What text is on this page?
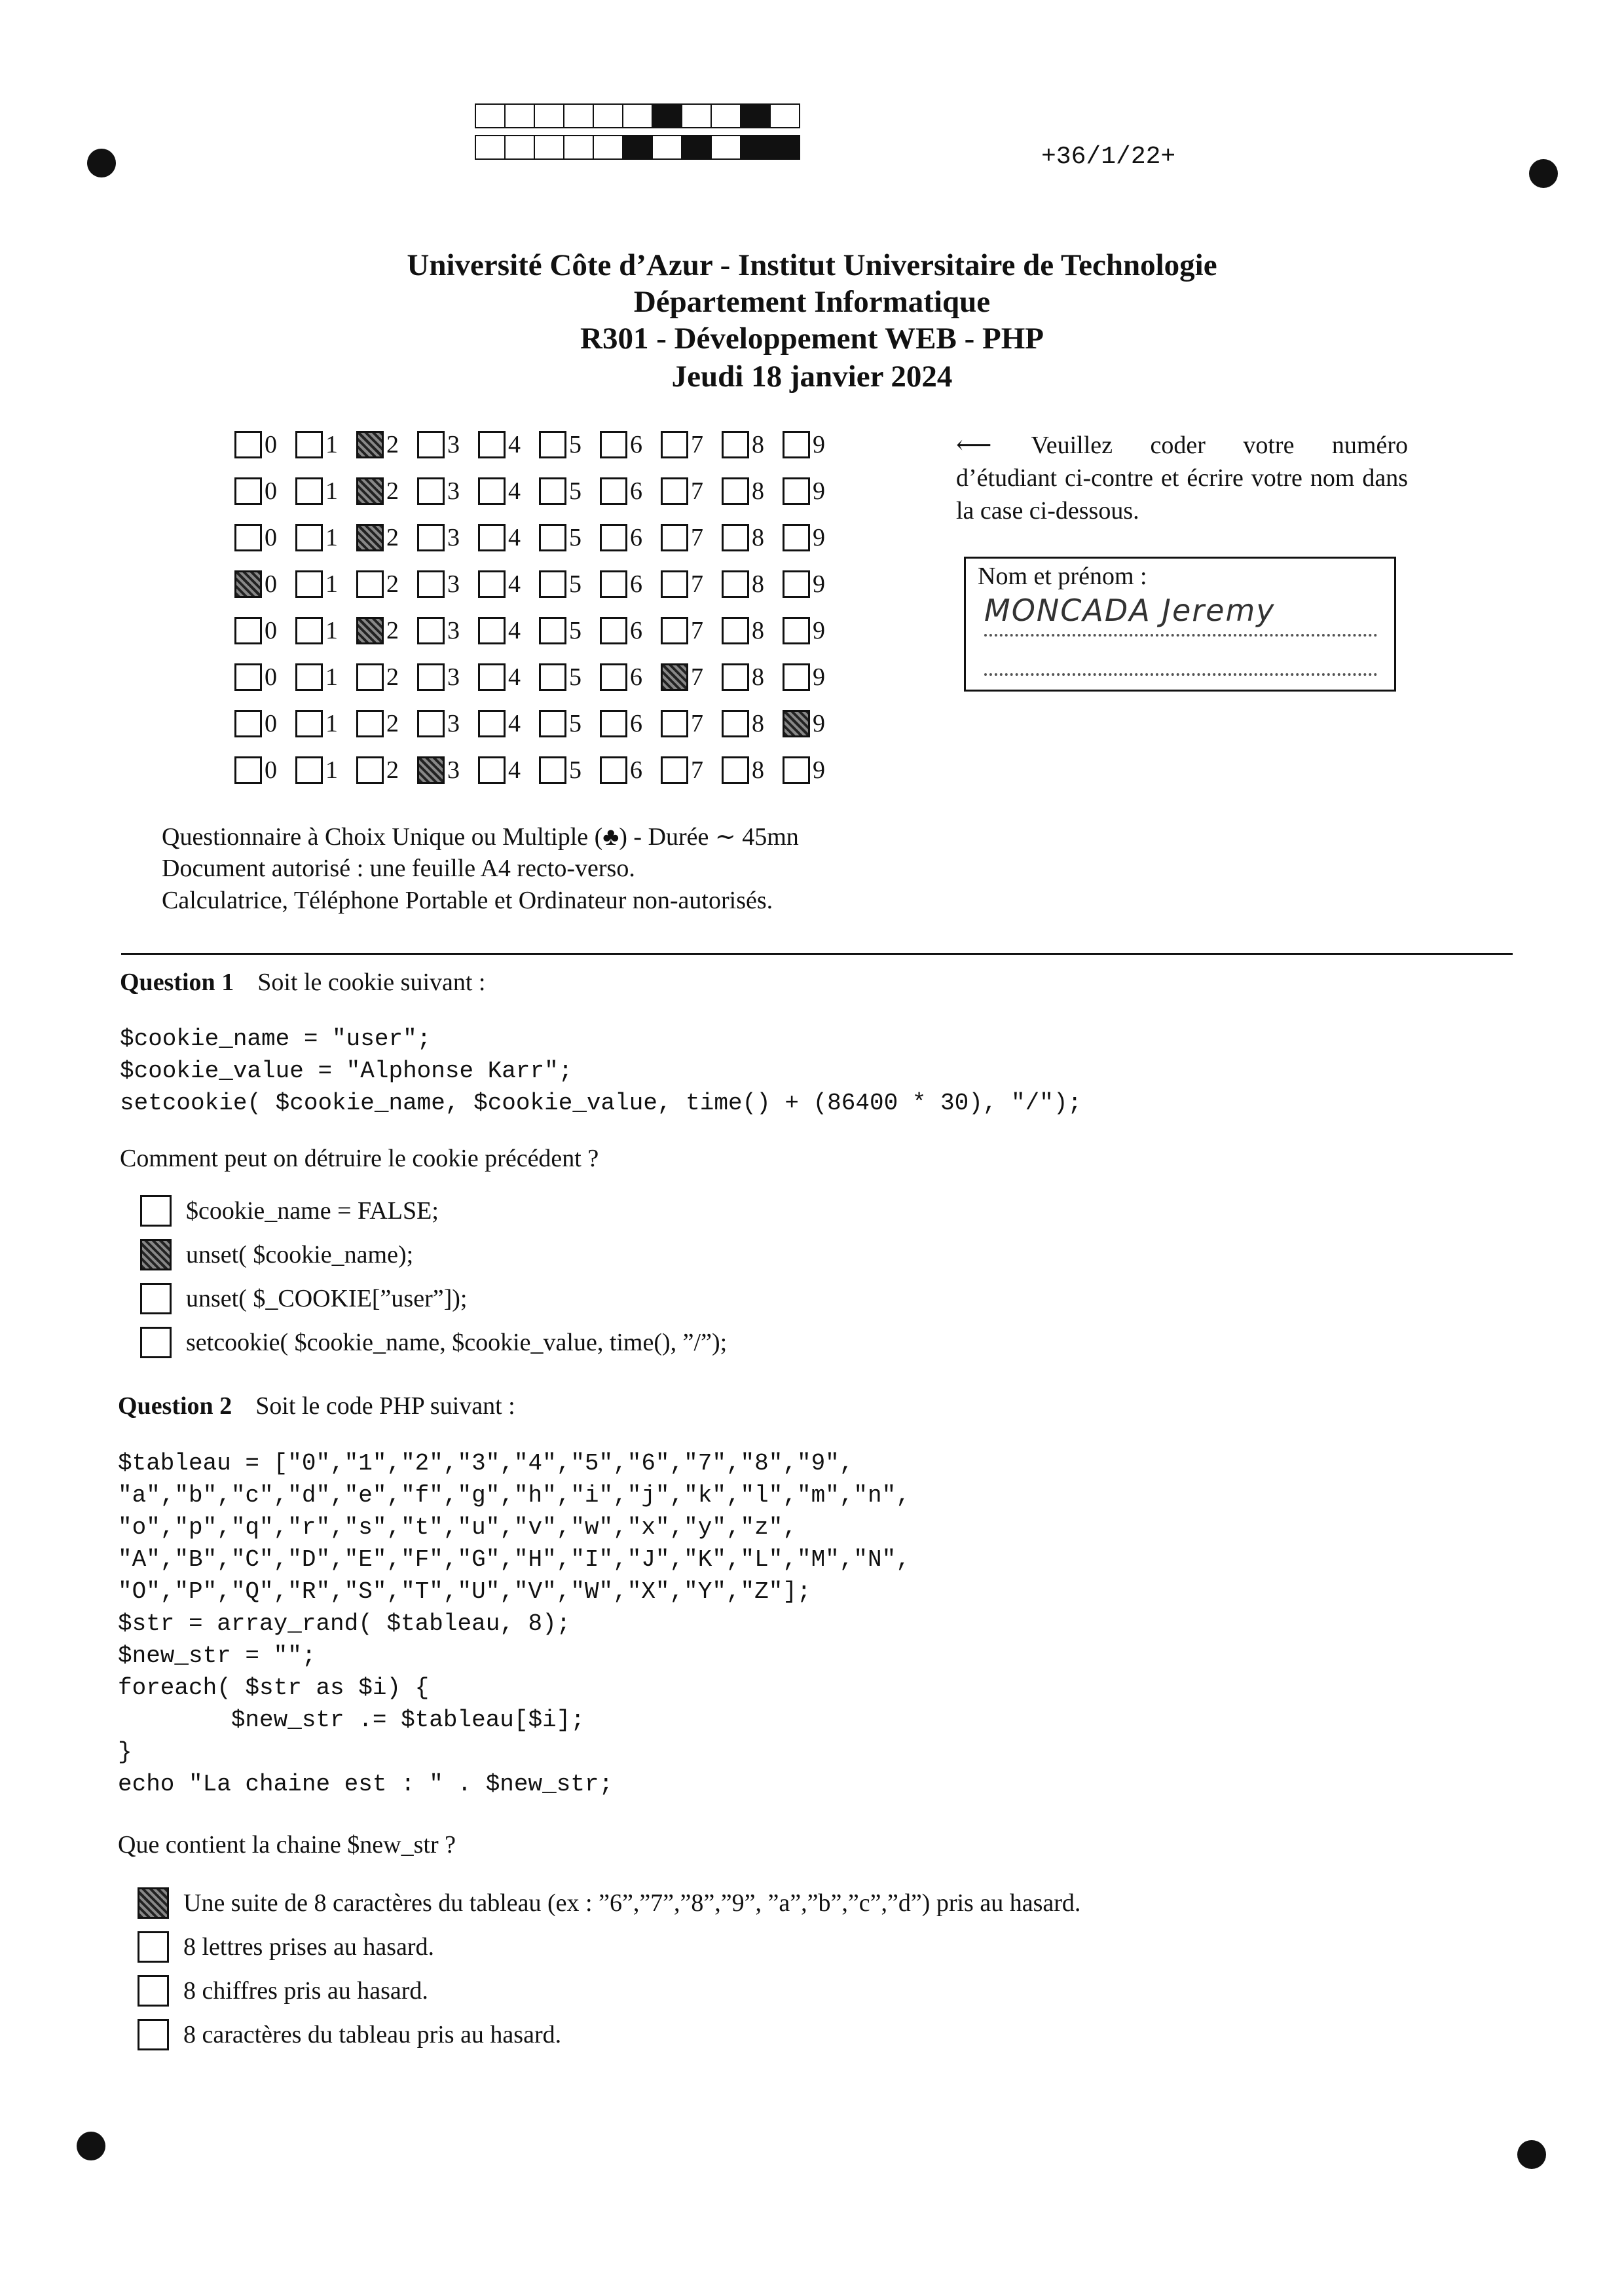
+36/1/22+
Université Côte d’Azur - Institut Universitaire de Technologie
Département Informatique
R301 - Développement WEB - PHP
Jeudi 18 janvier 2024
0 1 2 3 4 5 6 7 8 9
0 1 2 3 4 5 6 7 8 9
0 1 2 3 4 5 6 7 8 9
0 1 2 3 4 5 6 7 8 9
0 1 2 3 4 5 6 7 8 9
0 1 2 3 4 5 6 7 8 9
0 1 2 3 4 5 6 7 8 9
0 1 2 3 4 5 6 7 8 9
⟵ Veuillez coder votre numéro d’étudiant ci-contre et écrire votre nom dans la case ci-dessous.
Nom et prénom :
MONCADA Jeremy
Questionnaire à Choix Unique ou Multiple (♣) - Durée ∼ 45mn
Document autorisé : une feuille A4 recto-verso.
Calculatrice, Téléphone Portable et Ordinateur non-autorisés.
Question 1 Soit le cookie suivant :
$cookie_name = "user";
$cookie_value = "Alphonse Karr";
setcookie( $cookie_name, $cookie_value, time() + (86400 * 30), "/");
Comment peut on détruire le cookie précédent ?
$cookie_name = FALSE;
unset( $cookie_name);
unset( $_COOKIE[”user”]);
setcookie( $cookie_name, $cookie_value, time(), ”/”);
Question 2 Soit le code PHP suivant :
$tableau = ["0","1","2","3","4","5","6","7","8","9",
"a","b","c","d","e","f","g","h","i","j","k","l","m","n",
"o","p","q","r","s","t","u","v","w","x","y","z",
"A","B","C","D","E","F","G","H","I","J","K","L","M","N",
"O","P","Q","R","S","T","U","V","W","X","Y","Z"];
$str = array_rand( $tableau, 8);
$new_str = "";
foreach( $str as $i) {
$new_str .= $tableau[$i];
}
echo "La chaine est : " . $new_str;
Que contient la chaine $new_str ?
Une suite de 8 caractères du tableau (ex : ”6”,”7”,”8”,”9”, ”a”,”b”,”c”,”d”) pris au hasard.
8 lettres prises au hasard.
8 chiffres pris au hasard.
8 caractères du tableau pris au hasard.
